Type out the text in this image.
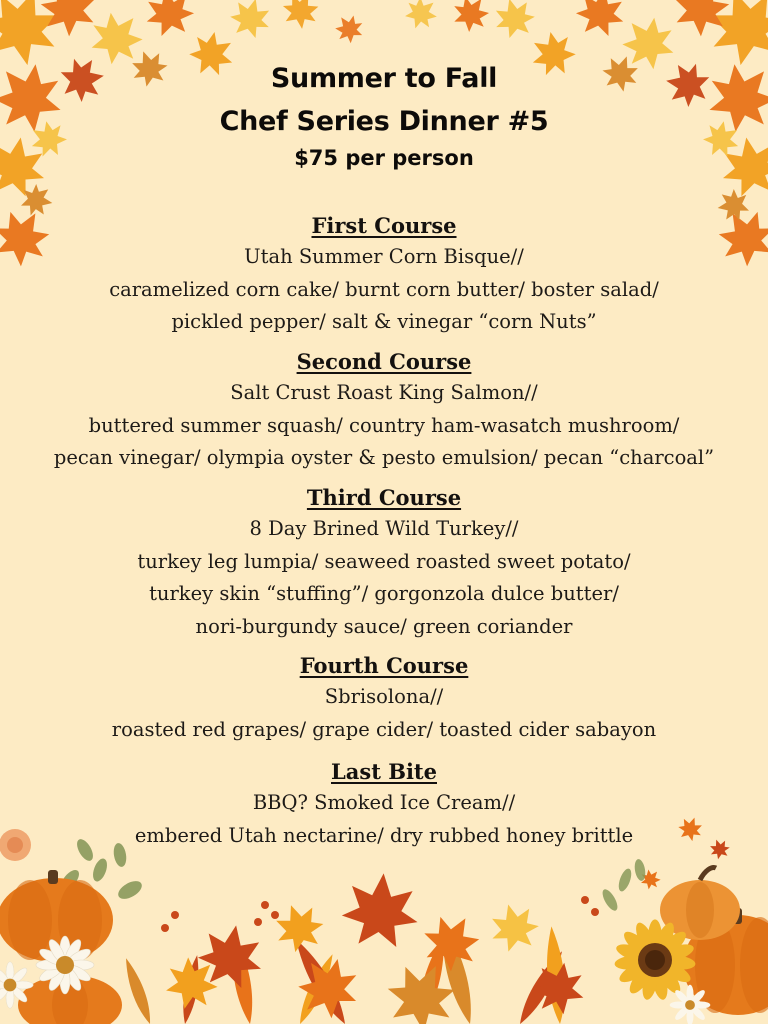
Summer to Fall
Chef Series Dinner #5
$75 per person
First Course
Utah Summer Corn Bisque//
caramelized corn cake/ burnt corn butter/ boster salad/
pickled pepper/ salt & vinegar “corn Nuts”
Second Course
Salt Crust Roast King Salmon//
buttered summer squash/ country ham-wasatch mushroom/
pecan vinegar/ olympia oyster & pesto emulsion/ pecan “charcoal”
Third Course
8 Day Brined Wild Turkey//
turkey leg lumpia/ seaweed roasted sweet potato/
turkey skin “stuffing”/ gorgonzola dulce butter/
nori-burgundy sauce/ green coriander
Fourth Course
Sbrisolona//
roasted red grapes/ grape cider/ toasted cider sabayon
Last Bite
BBQ? Smoked Ice Cream//
embered Utah nectarine/ dry rubbed honey brittle
